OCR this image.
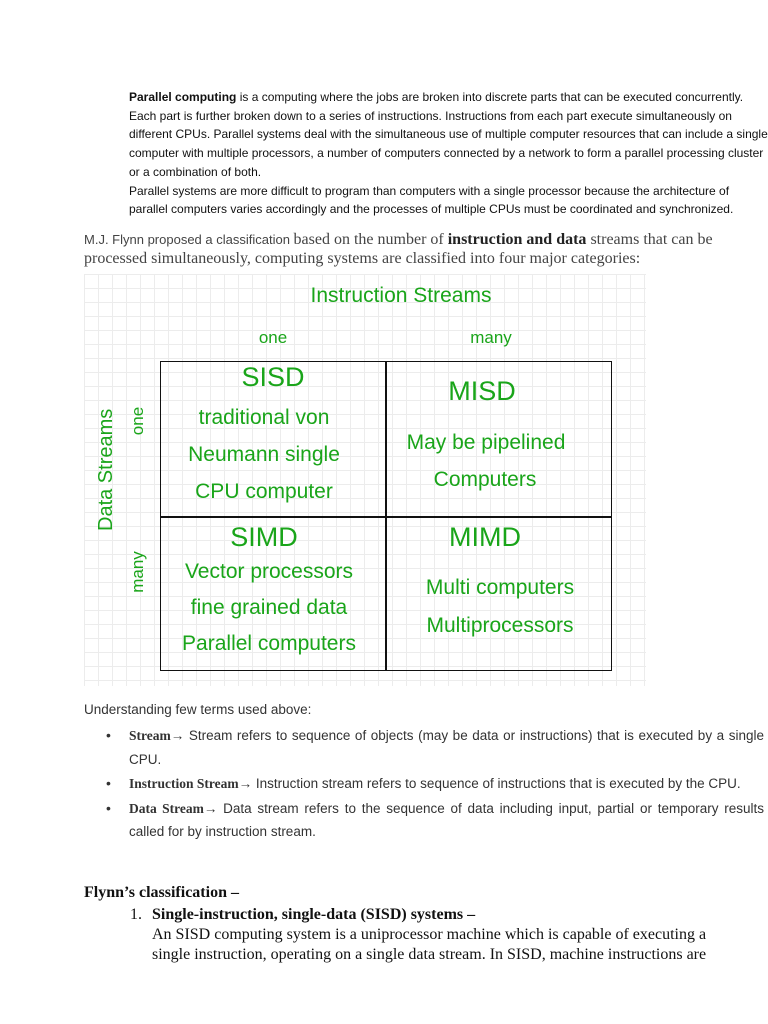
Parallel computing is a computing where the jobs are broken into discrete parts that can be executed concurrently. Each part is further broken down to a series of instructions. Instructions from each part execute simultaneously on different CPUs. Parallel systems deal with the simultaneous use of multiple computer resources that can include a single computer with multiple processors, a number of computers connected by a network to form a parallel processing cluster or a combination of both.

Parallel systems are more difficult to program than computers with a single processor because the architecture of parallel computers varies accordingly and the processes of multiple CPUs must be coordinated and synchronized.

M.J. Flynn proposed a classification based on the number of instruction and data streams that can be processed simultaneously, computing systems are classified into four major categories:
Instruction Streams
one	many
Data Streams one
many
SISD
traditional von
Neumann single
CPU computer
MISD
May be pipelined
Computers
SIMD
Vector processors
fine grained data
Parallel computers
MIMD
Multi computers
Multiprocessors
Understanding few terms used above:
• Stream→ Stream refers to sequence of objects (may be data or instructions) that is executed by a single CPU.
• Instruction Stream→ Instruction stream refers to sequence of instructions that is executed by the CPU.
• Data Stream→ Data stream refers to the sequence of data including input, partial or temporary results called for by instruction stream.
Flynn’s classification –
1. Single-instruction, single-data (SISD) systems –
An SISD computing system is a uniprocessor machine which is capable of executing a single instruction, operating on a single data stream. In SISD, machine instructions are
